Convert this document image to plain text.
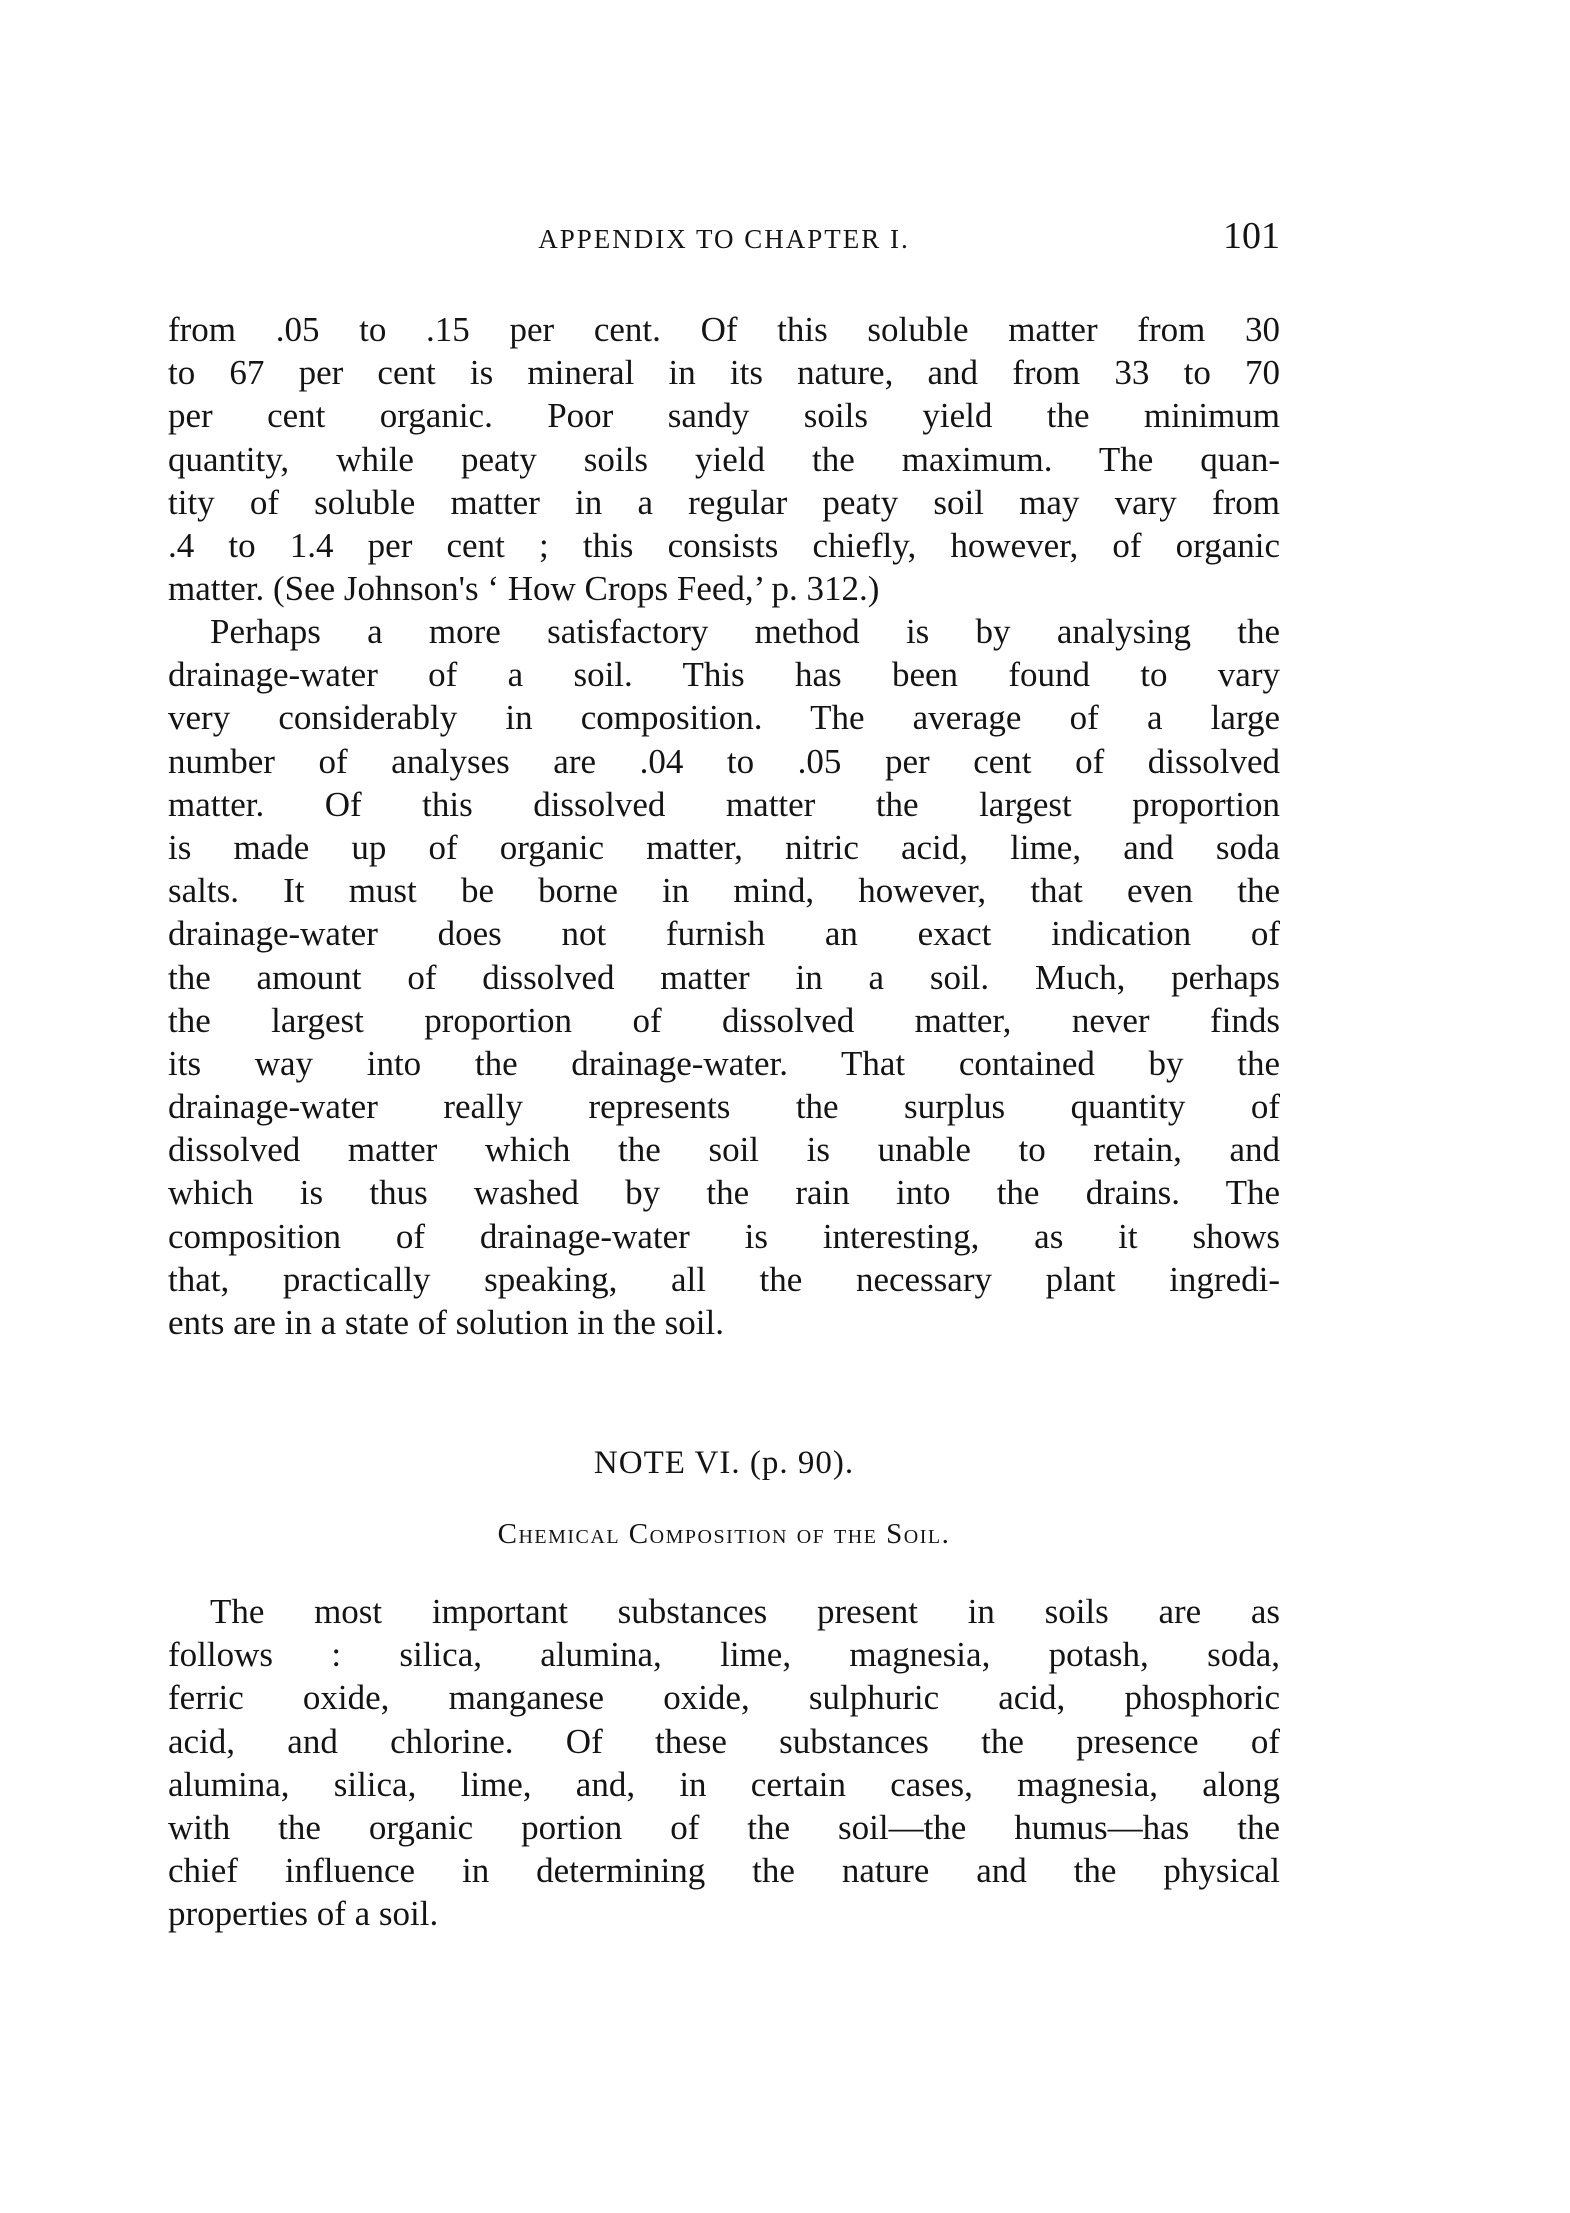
APPENDIX TO CHAPTER I.	101
from .05 to .15 per cent. Of this soluble matter from 30
to 67 per cent is mineral in its nature, and from 33 to 70
per cent organic. Poor sandy soils yield the minimum
quantity, while peaty soils yield the maximum. The quan-
tity of soluble matter in a regular peaty soil may vary from
.4 to 1.4 per cent ; this consists chiefly, however, of organic
matter. (See Johnson's ‘ How Crops Feed,’ p. 312.)
Perhaps a more satisfactory method is by analysing the
drainage-water of a soil. This has been found to vary
very considerably in composition. The average of a large
number of analyses are .04 to .05 per cent of dissolved
matter. Of this dissolved matter the largest proportion
is made up of organic matter, nitric acid, lime, and soda
salts. It must be borne in mind, however, that even the
drainage-water does not furnish an exact indication of
the amount of dissolved matter in a soil. Much, perhaps
the largest proportion of dissolved matter, never finds
its way into the drainage-water. That contained by the
drainage-water really represents the surplus quantity of
dissolved matter which the soil is unable to retain, and
which is thus washed by the rain into the drains. The
composition of drainage-water is interesting, as it shows
that, practically speaking, all the necessary plant ingredi-
ents are in a state of solution in the soil.
NOTE VI. (p. 90).
Chemical Composition of the Soil.
The most important substances present in soils are as
follows : silica, alumina, lime, magnesia, potash, soda,
ferric oxide, manganese oxide, sulphuric acid, phosphoric
acid, and chlorine. Of these substances the presence of
alumina, silica, lime, and, in certain cases, magnesia, along
with the organic portion of the soil—the humus—has the
chief influence in determining the nature and the physical
properties of a soil.
